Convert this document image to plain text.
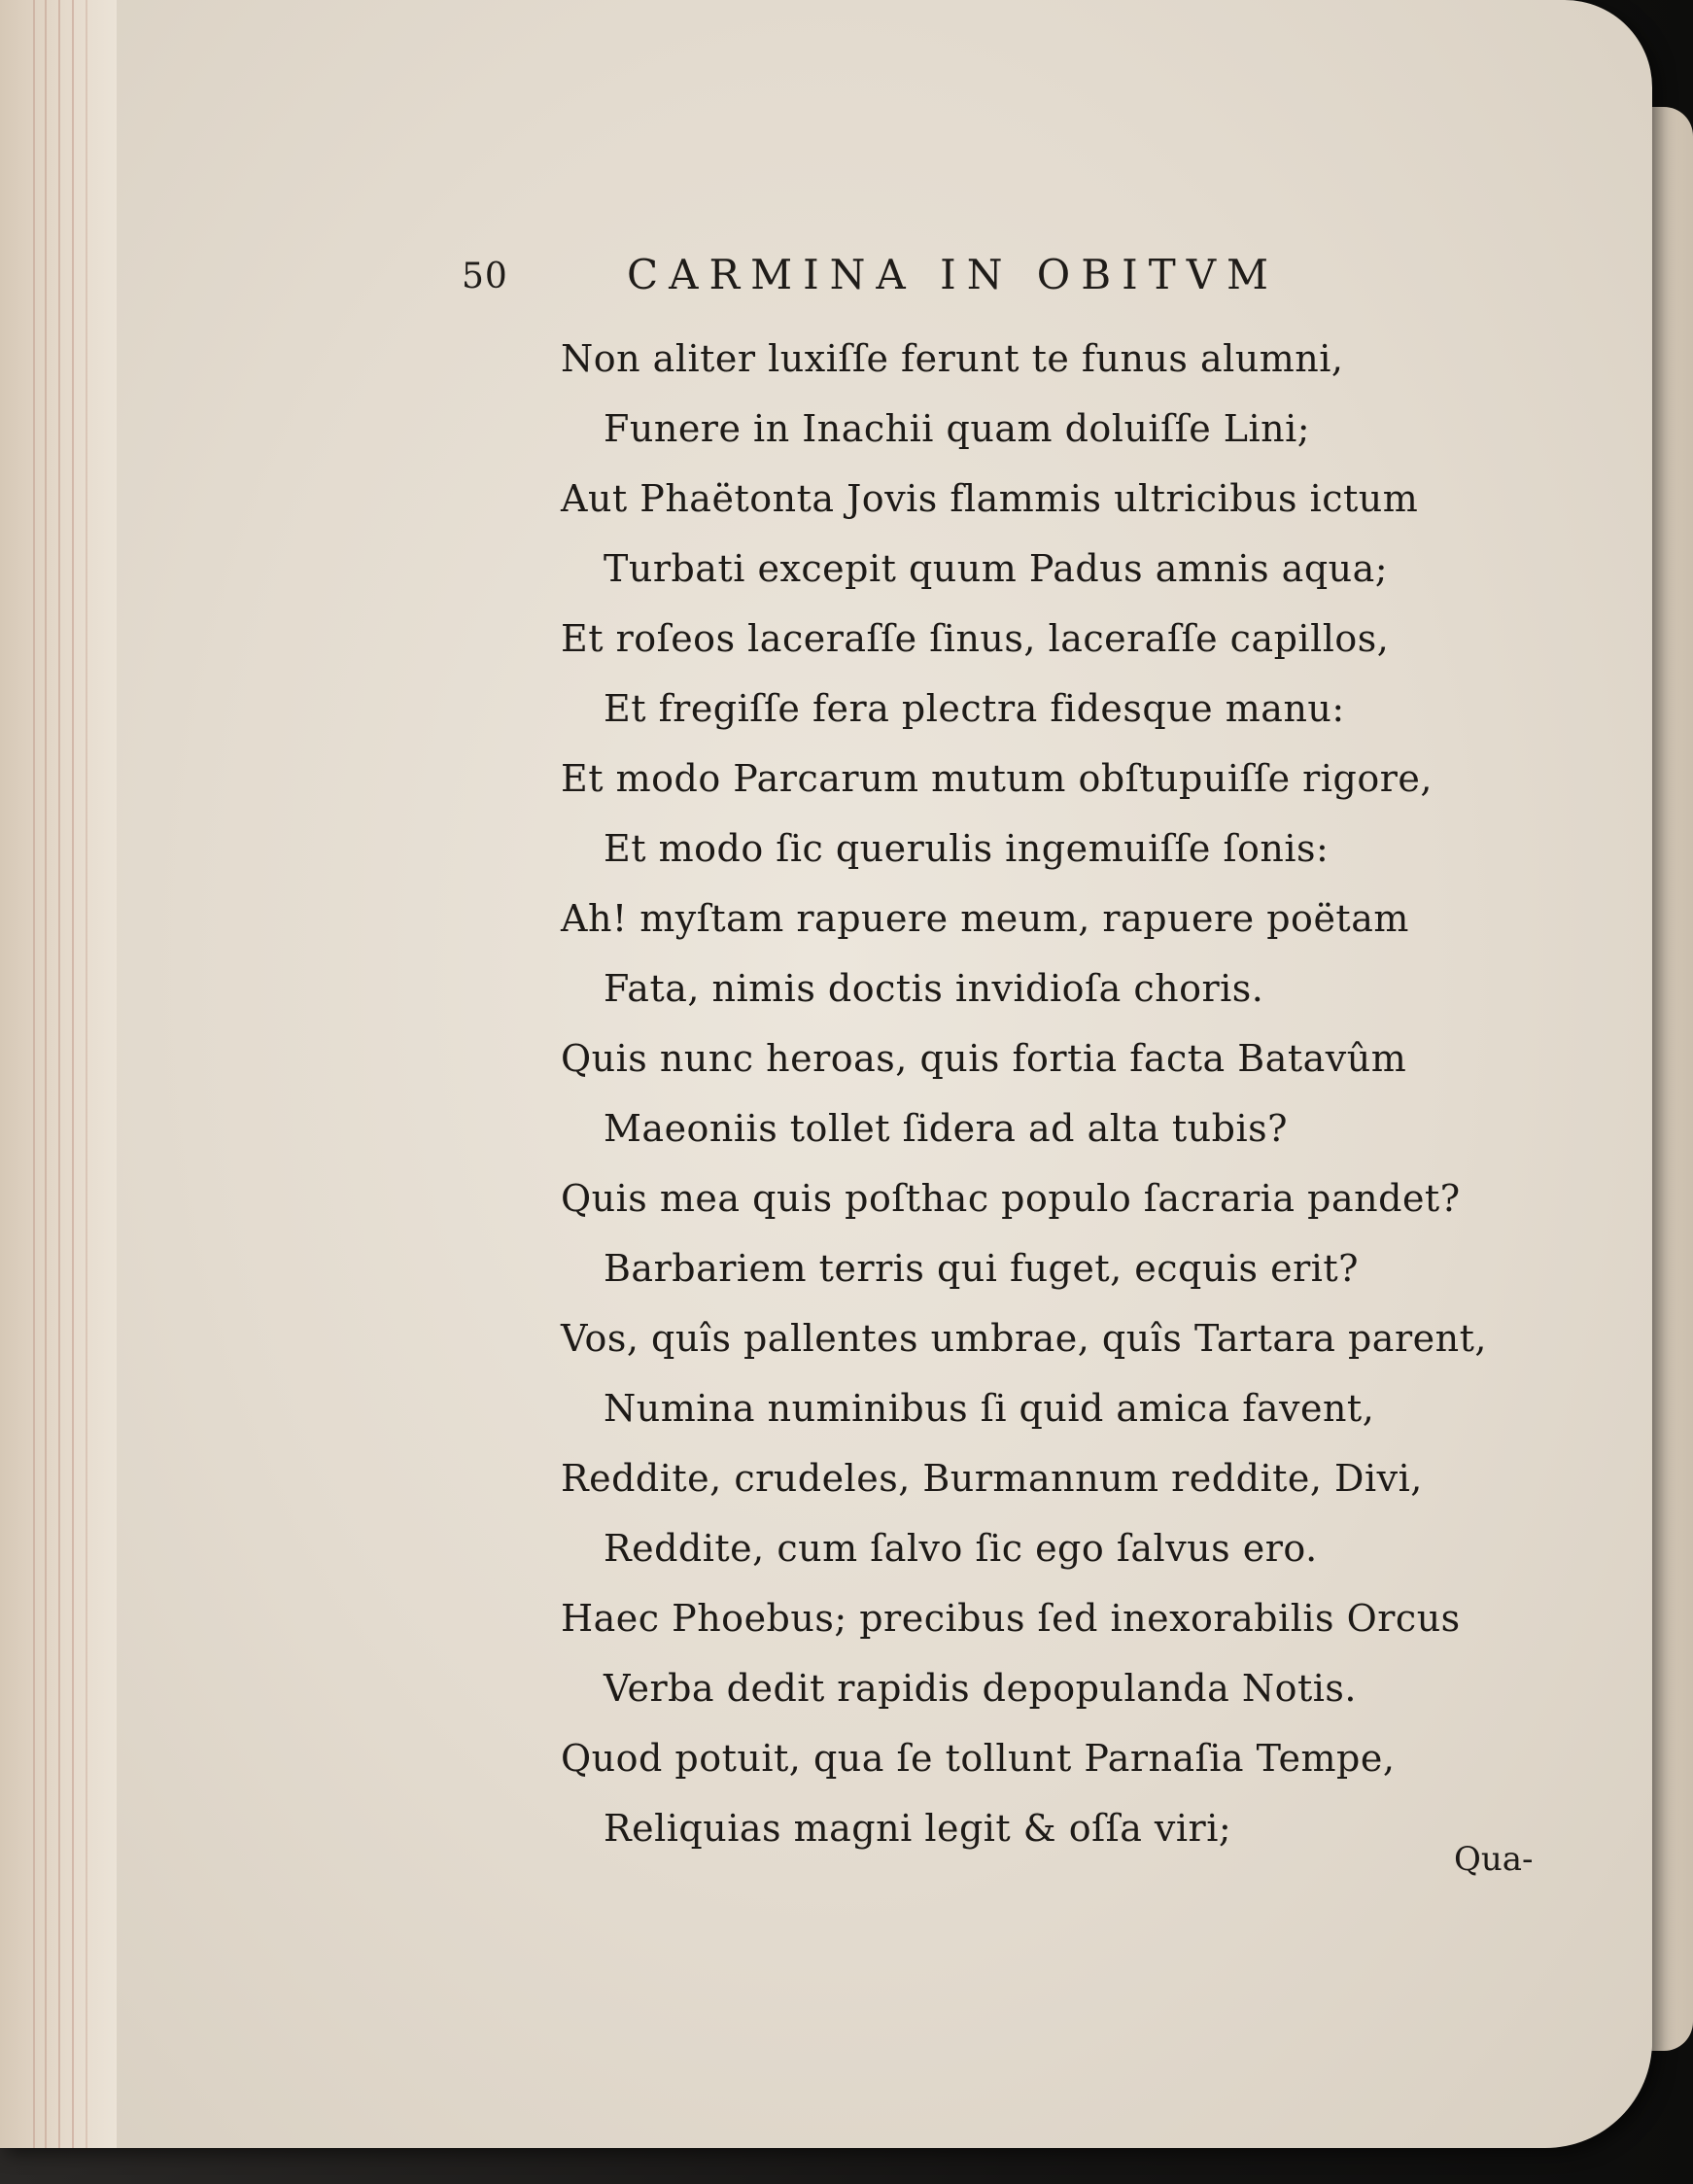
50	CARMINA IN OBITVM
Non aliter luxiſſe ferunt te funus alumni,
Funere in Inachii quam doluiſſe Lini;
Aut Phaëtonta Jovis flammis ultricibus ictum
Turbati excepit quum Padus amnis aqua;
Et roſeos laceraſſe ſinus, laceraſſe capillos,
Et fregiſſe fera plectra fidesque manu:
Et modo Parcarum mutum obſtupuiſſe rigore,
Et modo ſic querulis ingemuiſſe ſonis:
Ah! myſtam rapuere meum, rapuere poëtam
Fata, nimis doctis invidioſa choris.
Quis nunc heroas, quis fortia facta Batavûm
Maeoniis tollet ſidera ad alta tubis?
Quis mea quis poſthac populo ſacraria pandet?
Barbariem terris qui fuget, ecquis erit?
Vos, quîs pallentes umbrae, quîs Tartara parent,
Numina numinibus ſi quid amica favent,
Reddite, crudeles, Burmannum reddite, Divi,
Reddite, cum ſalvo ſic ego ſalvus ero.
Haec Phoebus; precibus ſed inexorabilis Orcus
Verba dedit rapidis depopulanda Notis.
Quod potuit, qua ſe tollunt Parnaſia Tempe,
Reliquias magni legit & oſſa viri;
Qua-
